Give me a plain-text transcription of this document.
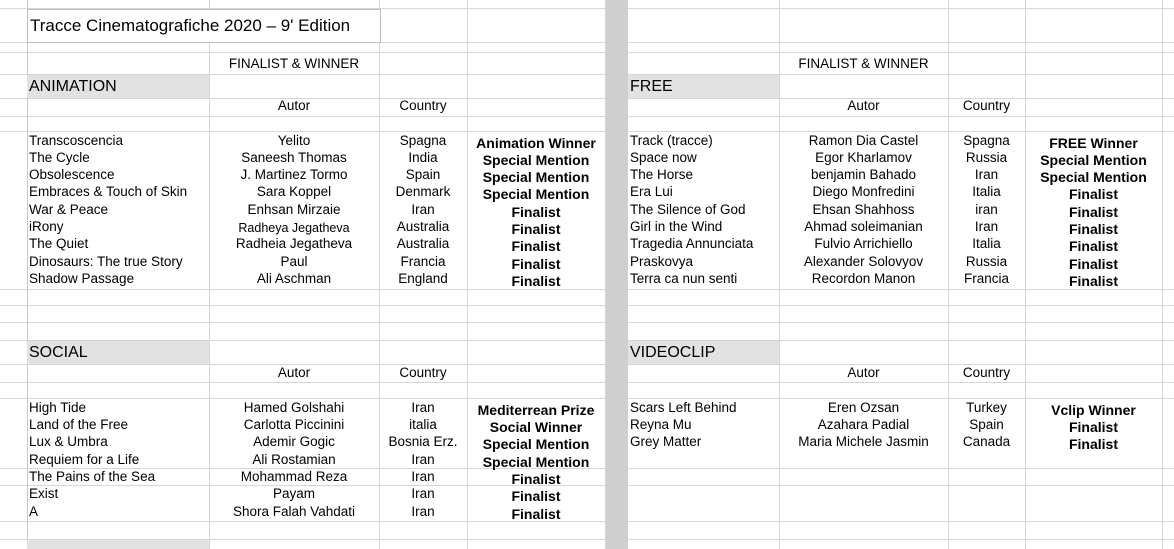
Tracce Cinematografiche 2020 – 9' Edition
FINALIST & WINNER	FINALIST & WINNER
ANIMATION	FREE
Autor	Country	Autor	Country
SOCIAL	VIDEOCLIP
Autor	Country	Autor	Country
Transcoscencia	Yelito	Spagna	Animation Winner
The Cycle	Saneesh Thomas	India	Special Mention
Obsolescence	J. Martinez Tormo	Spain	Special Mention
Embraces & Touch of Skin	Sara Koppel	Denmark	Special Mention
War & Peace	Enhsan Mirzaie	Iran	Finalist
iRony	Radheya Jegatheva	Australia	Finalist
The Quiet	Radheia Jegatheva	Australia	Finalist
Dinosaurs: The true Story	Paul	Francia	Finalist
Shadow Passage	Ali Aschman	England	Finalist
Track (tracce)	Ramon Dia Castel	Spagna	FREE Winner
Space now	Egor Kharlamov	Russia	Special Mention
The Horse	benjamin Bahado	Iran	Special Mention
Era Lui	Diego Monfredini	Italia	Finalist
The Silence of God	Ehsan Shahhoss	iran	Finalist
Girl in the Wind	Ahmad soleimanian	Iran	Finalist
Tragedia Annunciata	Fulvio Arrichiello	Italia	Finalist
Praskovya	Alexander Solovyov	Russia	Finalist
Terra ca nun senti	Recordon Manon	Francia	Finalist
High Tide	Hamed Golshahi	Iran	Mediterrean Prize
Land of the Free	Carlotta Piccinini	italia	Social Winner
Lux & Umbra	Ademir Gogic	Bosnia Erz.	Special Mention
Requiem for a Life	Ali Rostamian	Iran	Special Mention
The Pains of the Sea	Mohammad Reza	Iran	Finalist
Exist	Payam	Iran	Finalist
A	Shora Falah Vahdati	Iran	Finalist
Scars Left Behind	Eren Ozsan	Turkey	Vclip Winner
Reyna Mu	Azahara Padial	Spain	Finalist
Grey Matter	Maria Michele Jasmin	Canada	Finalist
